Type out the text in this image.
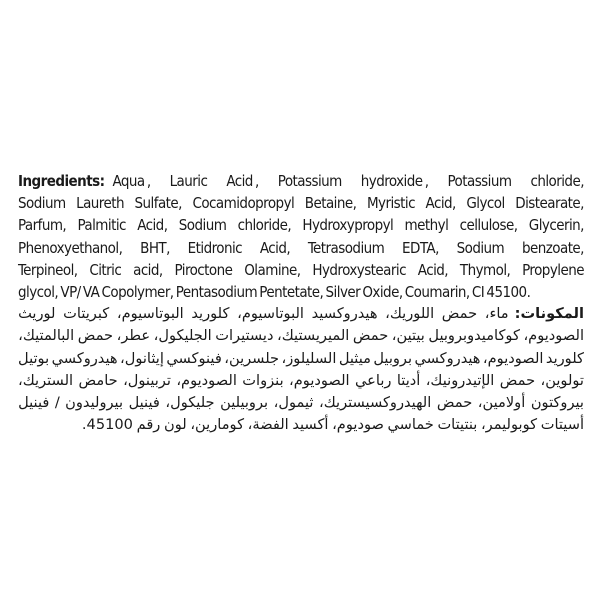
Ingredients: Aqua , Lauric Acid , Potassium hydroxide , Potassium chloride,
Sodium Laureth Sulfate, Cocamidopropyl Betaine, Myristic Acid, Glycol Distearate,
Parfum, Palmitic Acid, Sodium chloride, Hydroxypropyl methyl cellulose, Glycerin,
Phenoxyethanol, BHT, Etidronic Acid, Tetrasodium EDTA, Sodium benzoate,
Terpineol, Citric acid, Piroctone Olamine, Hydroxystearic Acid, Thymol, Propylene
glycol, VP/ VA Copolymer, Pentasodium Pentetate, Silver Oxide, Coumarin, CI 45100.
المكونات:ماء،
حمض
اللوريك،
هيدروكسيد
البوتاسيوم،
كلوريد
البوتاسيوم،
كبريتات
لوريث
الصوديوم،
كوكاميدوبروبيل
بيتين،
حمض
الميريستيك،
ديستيرات
الجليكول،
عطر،
حمض
البالمتيك،
كلوريد
الصوديوم،
هيدروكسي
بروبيل
ميثيل
السليلوز،
جلسرين،
فينوكسي
إيثانول،
هيدروكسي
بوتيل
تولوين،
حمض
الإتيدرونيك،
أديتا
رباعي
الصوديوم،
بنزوات
الصوديوم،
تربينول،
حامض
الستريك،
بيروكتون
أولامين،
حمض
الهيدروكسيستريك،
ثيمول،
بروبيلين
جليكول،
فينيل
بيروليدون
/
فينيل
أسيتات كوبوليمر، بنتيتات خماسي صوديوم، أكسيد الفضة، كومارين، لون رقم 45100.
